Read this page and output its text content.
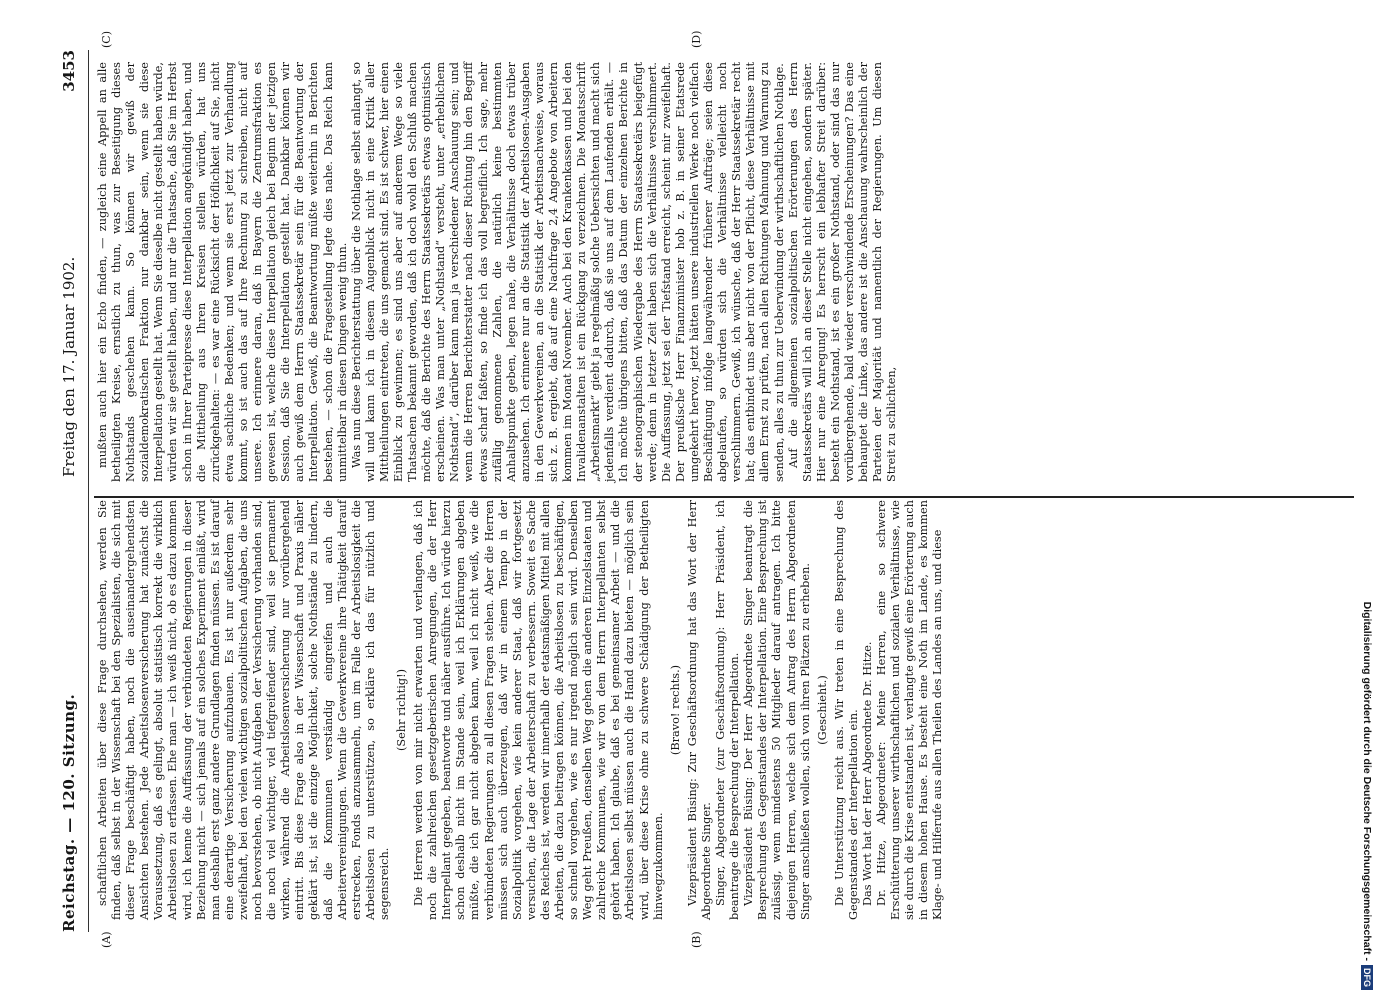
Reichstag. — 120. Sitzung.
Freitag den 17. Januar 1902.
3453
(A)	(B)
(C)	(D)

schaftlichen Arbeiten über diese Frage durchsehen, werden Sie finden, daß selbst in der Wissenschaft bei den Spezialisten, die sich mit dieser Frage beschäftigt haben, noch die auseinandergehendsten Ansichten bestehen. Jede Arbeitslosenversicherung hat zunächst die Voraussetzung, daß es gelingt, absolut statistisch korrekt die wirklich Arbeitslosen zu erfassen. Ehe man — ich weiß nicht, ob es dazu kommen wird, ich kenne die Auffassung der verbündeten Regierungen in dieser Beziehung nicht — sich jemals auf ein solches Experiment einläßt, wird man deshalb erst ganz andere Grundlagen finden müssen. Es ist darauf eine derartige Versicherung aufzubauen. Es ist nur außerdem sehr zweifelhaft, bei den vielen wichtigen sozialpolitischen Aufgaben, die uns noch bevorstehen, ob nicht Aufgaben der Versicherung vorhanden sind, die noch viel wichtiger, viel tiefgreifender sind, weil sie permanent wirken, während die Arbeitslosenversicherung nur vorübergehend eintritt. Bis diese Frage also in der Wissenschaft und Praxis näher geklärt ist, ist die einzige Möglichkeit, solche Nothstände zu lindern, daß die Kommunen verständig eingreifen und auch die Arbeitervereinigungen. Wenn die Gewerkvereine ihre Thätigkeit darauf erstrecken, Fonds anzusammeln, um im Falle der Arbeitslosigkeit die Arbeitslosen zu unterstützen, so erkläre ich das für nützlich und segensreich.

(Sehr richtig!) Die Herren werden von mir nicht erwarten und verlangen, daß ich noch die zahlreichen gesetzgeberischen Anregungen, die der Herr Interpellant gegeben, beantworte und näher ausführe. Ich würde hierzu schon deshalb nicht im Stande sein, weil ich Erklärungen abgeben müßte, die ich gar nicht abgeben kann, weil ich nicht weiß, wie die verbündeten Regierungen zu all diesen Fragen stehen. Aber die Herren müssen sich auch überzeugen, daß wir in einem Tempo in der Sozialpolitik vorgehen, wie kein anderer Staat, daß wir fortgesetzt versuchen, die Lage der Arbeiterschaft zu verbessern. Soweit es Sache des Reiches ist, werden wir innerhalb der etatsmäßigen Mittel mit allen Arbeiten, die dazu beitragen können, die Arbeitslosen zu beschäftigen, so schnell vorgehen, wie es nur irgend möglich sein wird. Denselben Weg geht Preußen, denselben Weg gehen die anderen Einzelstaaten und zahlreiche Kommunen, wie wir von dem Herrn Interpellanten selbst gehört haben. Ich glaube, daß es bei gemeinsamer Arbeit — und die Arbeitslosen selbst müssen auch die Hand dazu bieten — möglich sein wird, über diese Krise ohne zu schwere Schädigung der Betheiligten hinwegzukommen.

(Bravo! rechts.) Vizepräsident Büsing: Zur Geschäftsordnung hat das Wort der Herr Abgeordnete Singer. Singer, Abgeordneter (zur Geschäftsordnung): Herr Präsident, ich beantrage die Besprechung der Interpellation. Vizepräsident Büsing: Der Herr Abgeordnete Singer beantragt die Besprechung des Gegenstandes der Interpellation. Eine Besprechung ist zulässig, wenn mindestens 50 Mitglieder darauf antragen. Ich bitte diejenigen Herren, welche sich dem Antrag des Herrn Abgeordneten Singer anschließen wollen, sich von ihren Plätzen zu erheben. (Geschieht.) Die Unterstützung reicht aus. Wir treten in eine Besprechung des Gegenstandes der Interpellation ein. Das Wort hat der Herr Abgeordnete Dr. Hitze. Dr. Hitze, Abgeordneter: Meine Herren, eine so schwere Erschütterung unserer wirthschaftlichen und sozialen Verhältnisse, wie sie durch die Krise entstanden ist, verlangte gewiß eine Erörterung auch in diesem hohen Hause. Es besteht eine Noth im Lande, es kommen Klage- und Hilferufe aus allen Theilen des Landes an uns, und diese

mußten auch hier ein Echo finden, — zugleich eine Appell an alle betheiligten Kreise, ernstlich zu thun, was zur Beseitigung dieses Nothstands geschehen kann. So können wir gewiß der sozialdemokratischen Fraktion nur dankbar sein, wenn sie diese Interpellation gestellt hat. Wenn Sie dieselbe nicht gestellt haben würde, würden wir sie gestellt haben, und nur die Thatsache, daß Sie im Herbst schon in Ihrer Parteipresse diese Interpellation angekündigt haben, und die Mittheilung aus Ihren Kreisen stellen würden, hat uns zurückgehalten: — es war eine Rücksicht der Höflichkeit auf Sie, nicht etwa sachliche Bedenken; und wenn sie erst jetzt zur Verhandlung kommt, so ist auch das auf Ihre Rechnung zu schreiben, nicht auf unsere. Ich erinnere daran, daß in Bayern die Zentrumsfraktion es gewesen ist, welche diese Interpellation gleich bei Beginn der jetzigen Session, daß Sie die Interpellation gestellt hat. Dankbar können wir auch gewiß dem Herrn Staatssekretär sein für die Beantwortung der Interpellation. Gewiß, die Beantwortung müßte weiterhin in Berichten bestehen, — schon die Fragestellung legte dies nahe. Das Reich kann unmittelbar in diesen Dingen wenig thun. Was nun diese Berichterstattung über die Nothlage selbst anlangt, so will und kann ich in diesem Augenblick nicht in eine Kritik aller Mittheilungen eintreten, die uns gemacht sind. Es ist schwer, hier einen Einblick zu gewinnen; es sind uns aber auf anderem Wege so viele Thatsachen bekannt geworden, daß ich doch wohl den Schluß machen möchte, daß die Berichte des Herrn Staatssekretärs etwas optimistisch erscheinen. Was man unter „Nothstand“ versteht, unter „erheblichem Nothstand“, darüber kann man ja verschiedener Anschauung sein; und wenn die Herren Berichterstatter nach dieser Richtung hin den Begriff etwas scharf faßten, so finde ich das voll begreiflich. Ich sage, mehr zufällig genommene Zahlen, die natürlich keine bestimmten Anhaltspunkte geben, legen nahe, die Verhältnisse doch etwas trüber anzusehen. Ich erinnere nur an die Statistik der Arbeitslosen-Ausgaben in den Gewerkvereinen, an die Statistik der Arbeitsnachweise, woraus sich z. B. ergiebt, daß auf eine Nachfrage 2,4 Angebote von Arbeitern kommen im Monat November. Auch bei den Krankenkassen und bei den Invalidenanstalten ist ein Rückgang zu verzeichnen. Die Monatsschrift „Arbeitsmarkt“ giebt ja regelmäßig solche Uebersichten und macht sich jedenfalls verdient dadurch, daß sie uns auf dem Laufenden erhält. — Ich möchte übrigens bitten, daß das Datum der einzelnen Berichte in der stenographischen Wiedergabe des Herrn Staatssekretärs beigefügt werde; denn in letzter Zeit haben sich die Verhältnisse verschlimmert. Die Auffassung, jetzt sei der Tiefstand erreicht, scheint mir zweifelhaft. Der preußische Herr Finanzminister hob z. B. in seiner Etatsrede umgekehrt hervor, jetzt hätten unsere industriellen Werke noch vielfach Beschäftigung infolge langwährender früherer Aufträge; seien diese abgelaufen, so würden sich die Verhältnisse vielleicht noch verschlimmern. Gewiß, ich wünsche, daß der Herr Staatssekretär recht hat; das entbindet uns aber nicht von der Pflicht, diese Verhältnisse mit allem Ernst zu prüfen, nach allen Richtungen Mahnung und Warnung zu senden, alles zu thun zur Ueberwindung der wirthschaftlichen Nothlage. Auf die allgemeinen sozialpolitischen Erörterungen des Herrn Staatssekretärs will ich an dieser Stelle nicht eingehen, sondern später. Hier nur eine Anregung! Es herrscht ein lebhafter Streit darüber: besteht ein Nothstand, ist es ein großer Nothstand, oder sind das nur vorübergehende, bald wieder verschwindende Erscheinungen? Das eine behauptet die Linke, das andere ist die Anschauung wahrscheinlich der Parteien der Majorität und namentlich der Regierungen. Um diesen Streit zu schlichten,

Digitalisierung gefördert durch die Deutsche Forschungsgemeinschaft -DFG
